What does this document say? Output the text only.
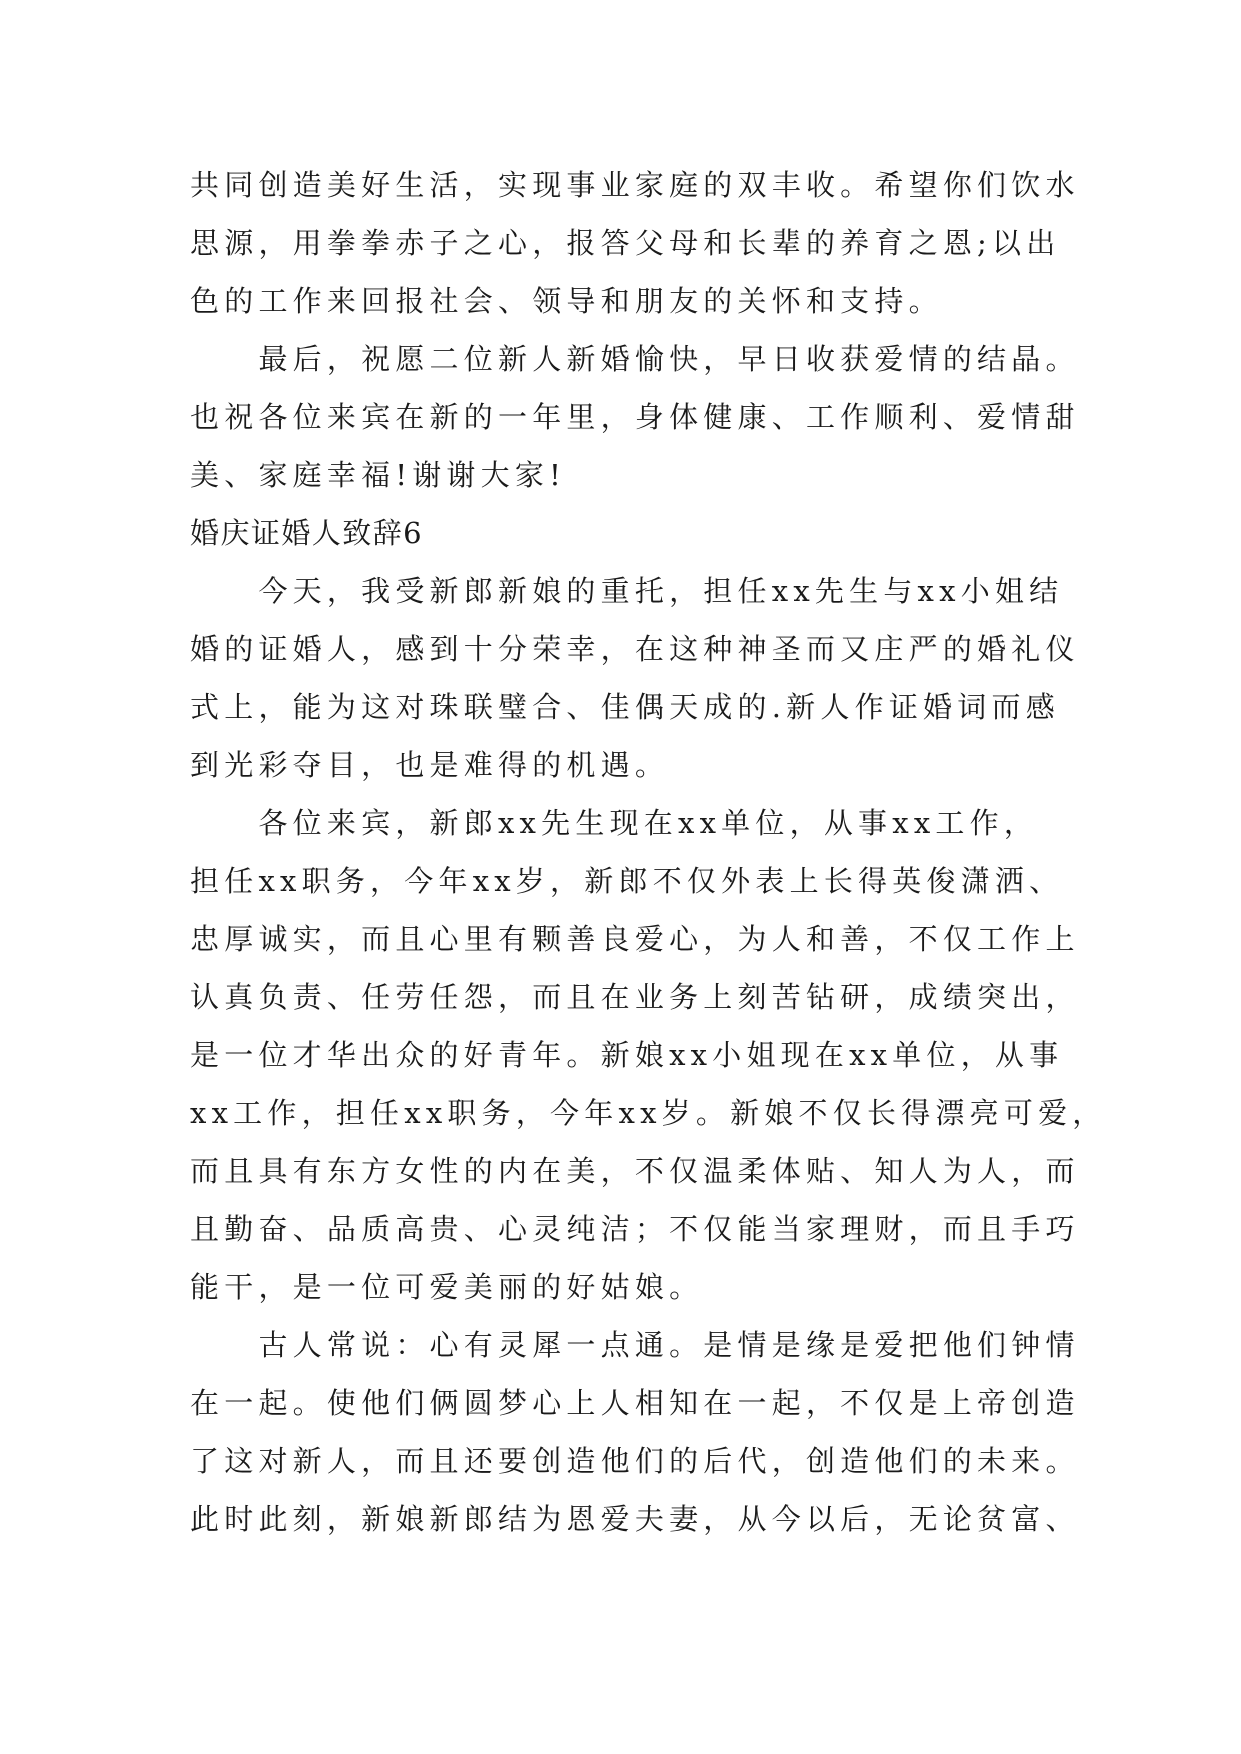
共同创造美好生活，实现事业家庭的双丰收。希望你们饮水
思源，用拳拳赤子之心，报答父母和长辈的养育之恩;以出
色的工作来回报社会、领导和朋友的关怀和支持。
　　最后，祝愿二位新人新婚愉快，早日收获爱情的结晶。
也祝各位来宾在新的一年里，身体健康、工作顺利、爱情甜
美、家庭幸福!谢谢大家!
婚庆证婚人致辞6
　　今天，我受新郎新娘的重托，担任xx先生与xx小姐结
婚的证婚人，感到十分荣幸，在这种神圣而又庄严的婚礼仪
式上，能为这对珠联璧合、佳偶天成的.新人作证婚词而感
到光彩夺目，也是难得的机遇。
　　各位来宾，新郎xx先生现在xx单位，从事xx工作，
担任xx职务，今年xx岁，新郎不仅外表上长得英俊潇洒、
忠厚诚实，而且心里有颗善良爱心，为人和善，不仅工作上
认真负责、任劳任怨，而且在业务上刻苦钻研，成绩突出，
是一位才华出众的好青年。新娘xx小姐现在xx单位，从事
xx工作，担任xx职务，今年xx岁。新娘不仅长得漂亮可爱，
而且具有东方女性的内在美，不仅温柔体贴、知人为人，而
且勤奋、品质高贵、心灵纯洁；不仅能当家理财，而且手巧
能干，是一位可爱美丽的好姑娘。
　　古人常说：心有灵犀一点通。是情是缘是爱把他们钟情
在一起。使他们俩圆梦心上人相知在一起，不仅是上帝创造
了这对新人，而且还要创造他们的后代，创造他们的未来。
此时此刻，新娘新郎结为恩爱夫妻，从今以后，无论贫富、
